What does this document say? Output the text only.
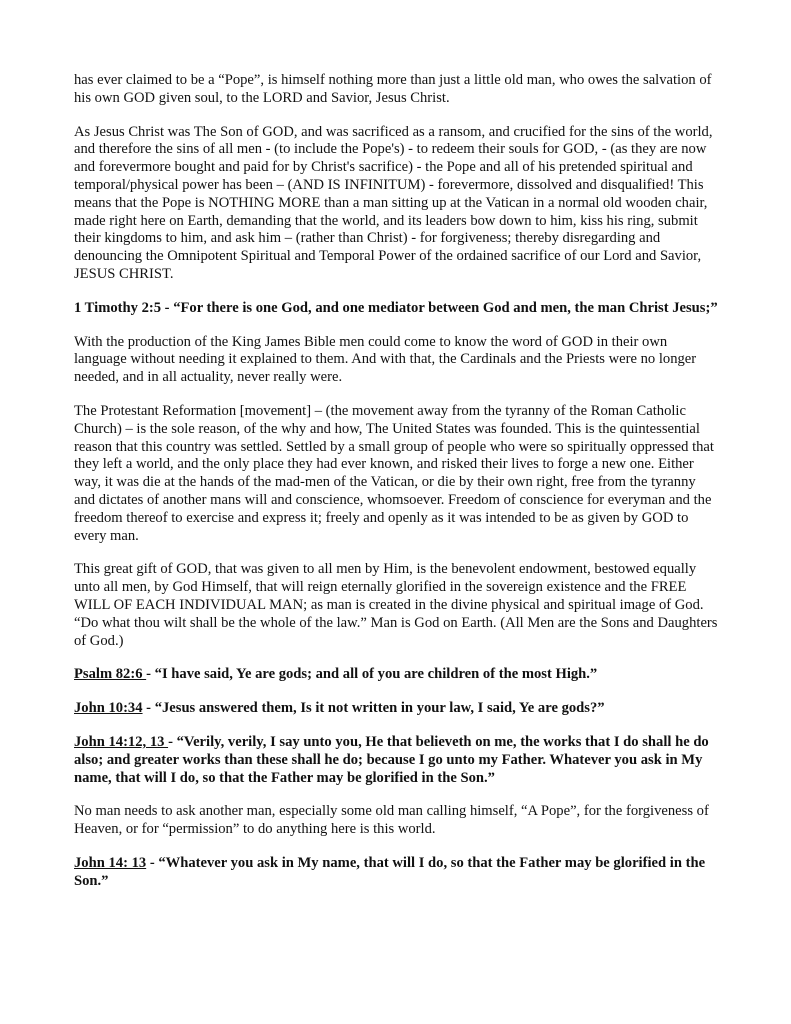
has ever claimed to be a “Pope”, is himself nothing more than just a little old man, who owes the salvation of his own GOD given soul, to the LORD and Savior, Jesus Christ.

As Jesus Christ was The Son of GOD, and was sacrificed as a ransom, and crucified for the sins of the world, and therefore the sins of all men - (to include the Pope's) - to redeem their souls for GOD, - (as they are now and forevermore bought and paid for by Christ's sacrifice) - the Pope and all of his pretended spiritual and temporal/physical power has been – (AND IS INFINITUM) - forevermore, dissolved and disqualified! This means that the Pope is NOTHING MORE than a man sitting up at the Vatican in a normal old wooden chair, made right here on Earth, demanding that the world, and its leaders bow down to him, kiss his ring, submit their kingdoms to him, and ask him – (rather than Christ) - for forgiveness; thereby disregarding and denouncing the Omnipotent Spiritual and Temporal Power of the ordained sacrifice of our Lord and Savior, JESUS CHRIST.

1 Timothy 2:5 - “For there is one God, and one mediator between God and men, the man Christ Jesus;”

With the production of the King James Bible men could come to know the word of GOD in their own language without needing it explained to them. And with that, the Cardinals and the Priests were no longer needed, and in all actuality, never really were.

The Protestant Reformation [movement] – (the movement away from the tyranny of the Roman Catholic Church) – is the sole reason, of the why and how, The United States was founded. This is the quintessential reason that this country was settled. Settled by a small group of people who were so spiritually oppressed that they left a world, and the only place they had ever known, and risked their lives to forge a new one. Either way, it was die at the hands of the mad-men of the Vatican, or die by their own right, free from the tyranny and dictates of another mans will and conscience, whomsoever. Freedom of conscience for everyman and the freedom thereof to exercise and express it; freely and openly as it was intended to be as given by GOD to every man.

This great gift of GOD, that was given to all men by Him, is the benevolent endowment, bestowed equally unto all men, by God Himself, that will reign eternally glorified in the sovereign existence and the FREE WILL OF EACH INDIVIDUAL MAN; as man is created in the divine physical and spiritual image of God. “Do what thou wilt shall be the whole of the law.” Man is God on Earth. (All Men are the Sons and Daughters of God.)

Psalm 82:6 - “I have said, Ye are gods; and all of you are children of the most High.”

John 10:34 - “Jesus answered them, Is it not written in your law, I said, Ye are gods?”

John 14:12, 13 - “Verily, verily, I say unto you, He that believeth on me, the works that I do shall he do also; and greater works than these shall he do; because I go unto my Father. Whatever you ask in My name, that will I do, so that the Father may be glorified in the Son.”

No man needs to ask another man, especially some old man calling himself, “A Pope”, for the forgiveness of Heaven, or for “permission” to do anything here is this world.

John 14: 13 - “Whatever you ask in My name, that will I do, so that the Father may be glorified in the Son.”
